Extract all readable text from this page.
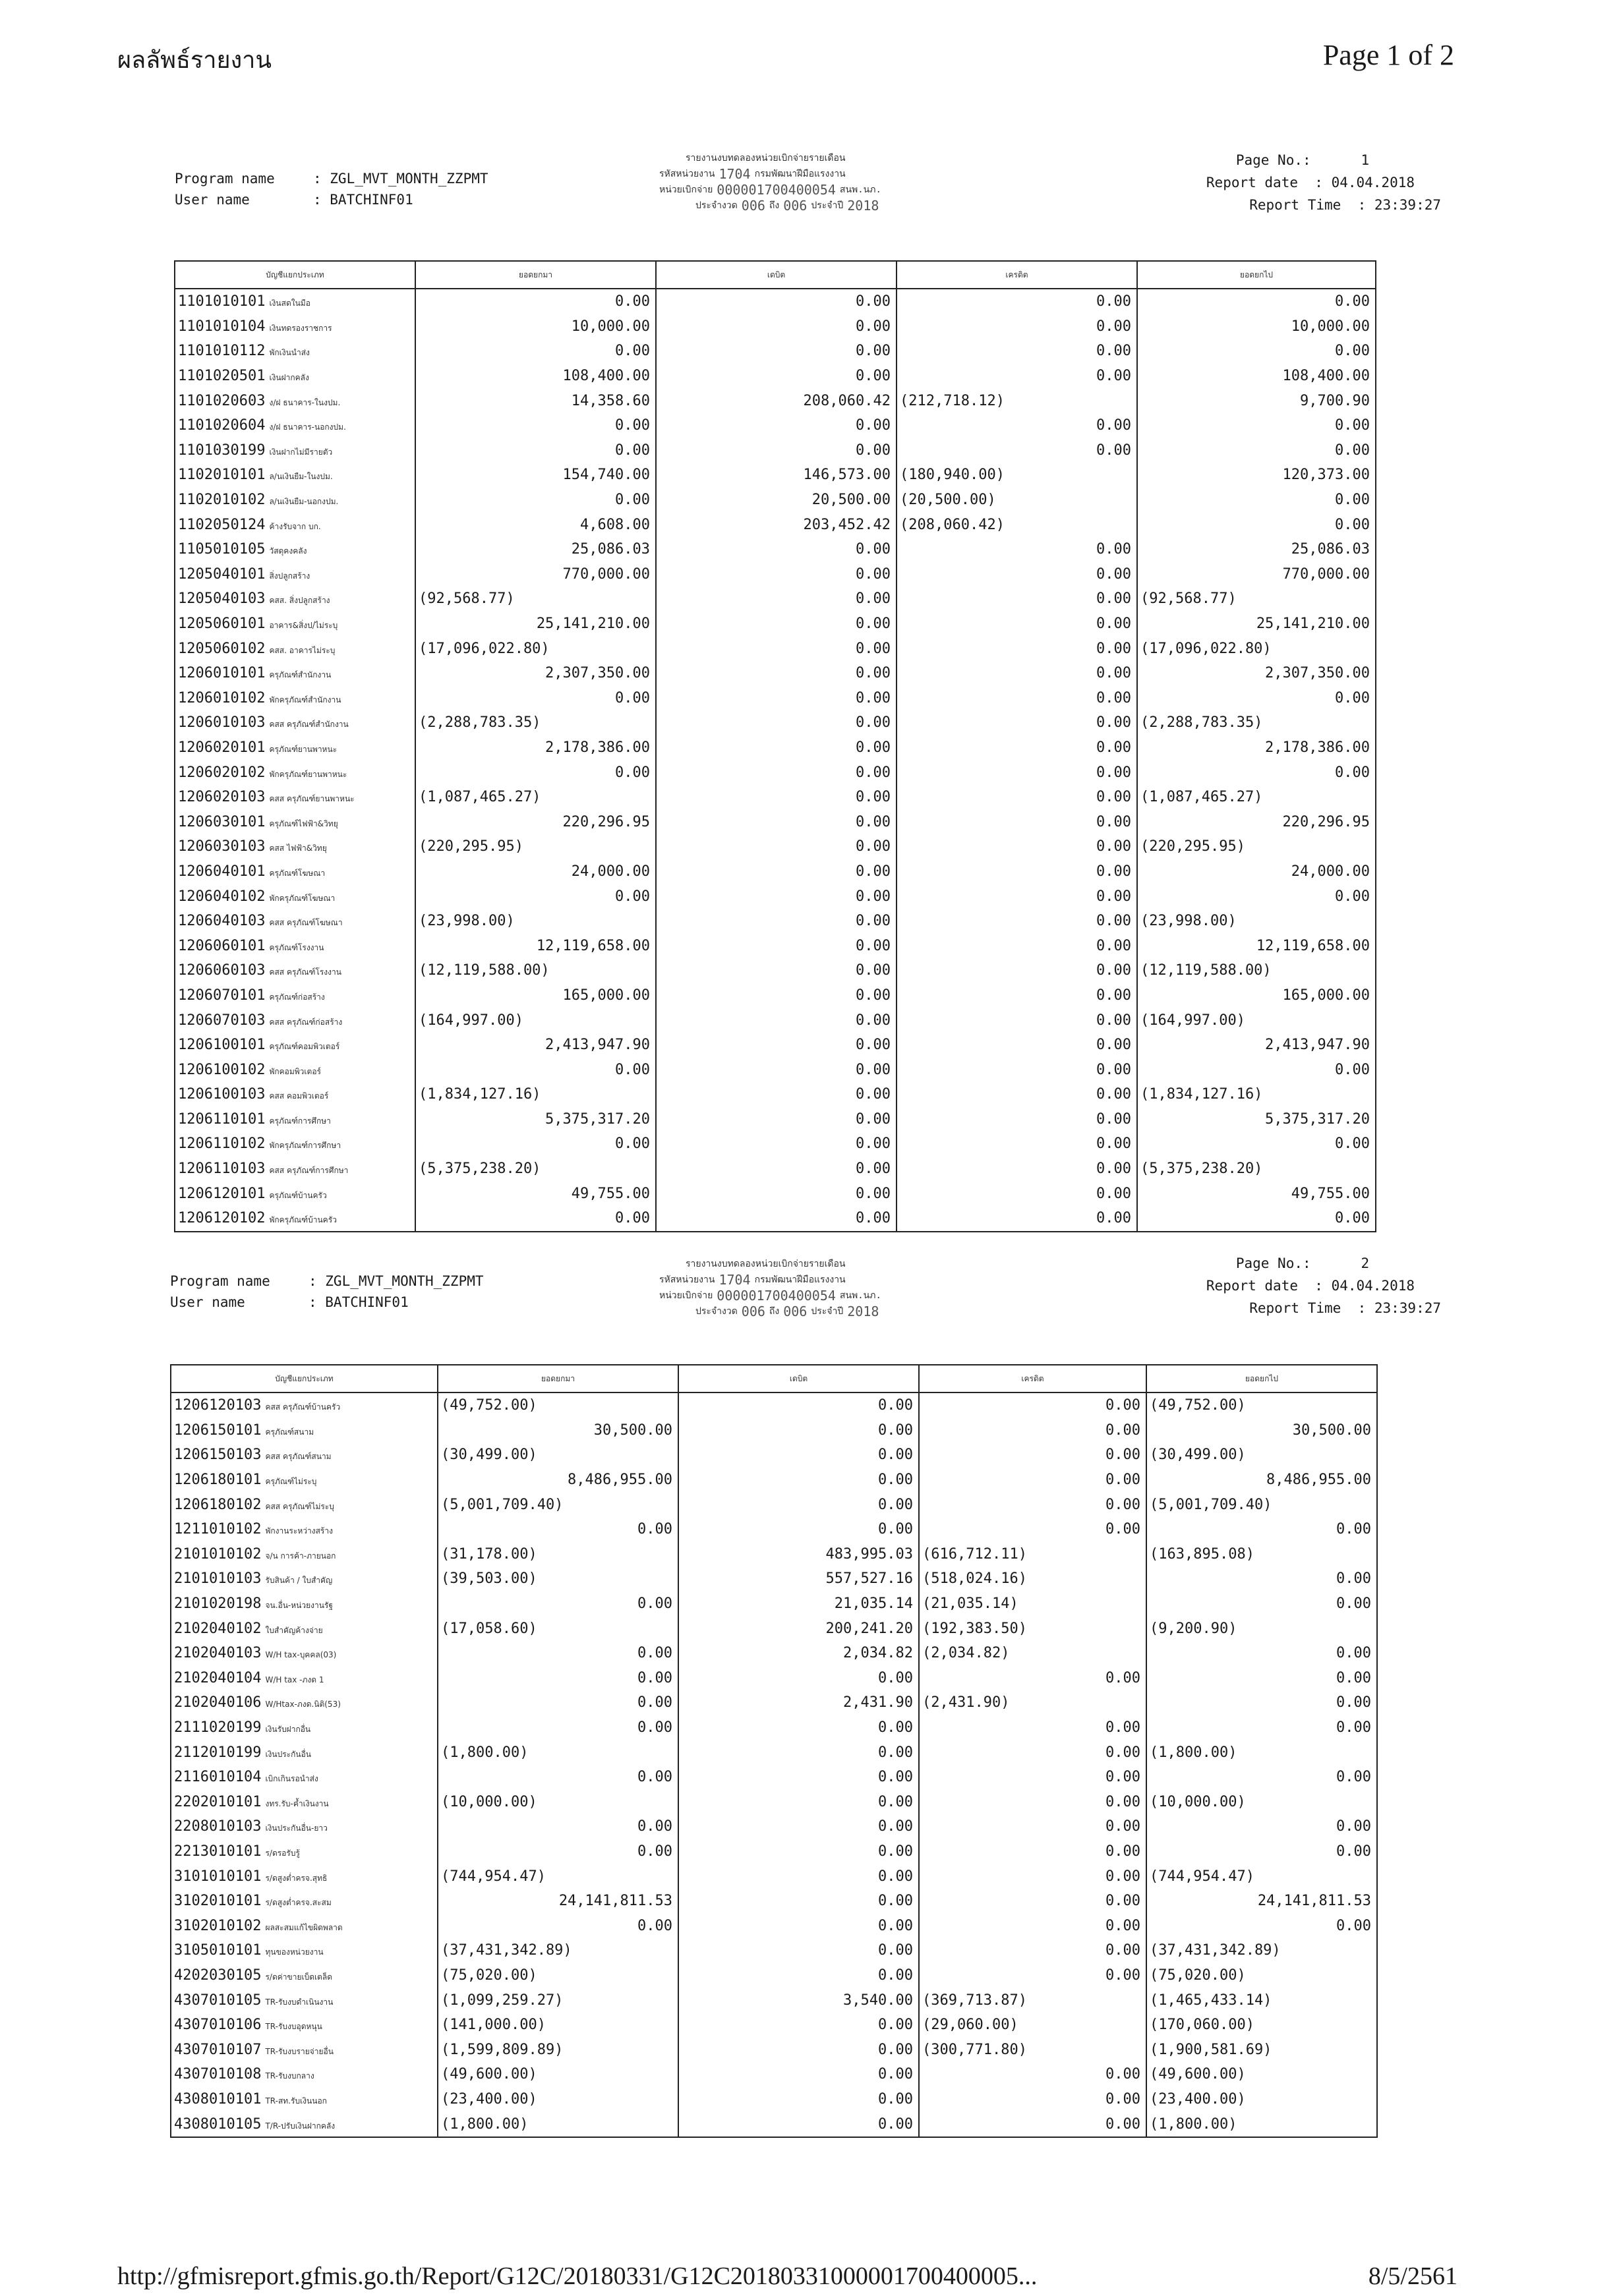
ผลลัพธ์รายงาน	Page 1 of 2
Program name	: ZGL_MVT_MONTH_ZZPMT
User name	: BATCHINF01
รายงานงบทดลองหน่วยเบิกจ่ายรายเดือน
รหัสหน่วยงาน 1704 กรมพัฒนาฝีมือแรงงาน
หน่วยเบิกจ่าย 000001700400054 สนพ.นภ.
ประจำงวด 006 ถึง 006 ประจำปี 2018
Page No. :      1
Report date
: 04.04.2018
Report Time
: 23:39:27
บัญชีแยกประเภท	ยอดยกมา	เดบิต	เครดิต	ยอดยกไป
1101010101 เงินสดในมือ	0.00	0.00	0.00	0.00
1101010104 เงินทดรองราชการ	10,000.00	0.00	0.00	10,000.00
1101010112 พักเงินนำส่ง	0.00	0.00	0.00	0.00
1101020501 เงินฝากคลัง	108,400.00	0.00	0.00	108,400.00
1101020603 ง/ฝ ธนาคาร-ในงปม.	14,358.60	208,060.42	(212,718.12)	9,700.90
1101020604 ง/ฝ ธนาคาร-นอกงปม.	0.00	0.00	0.00	0.00
1101030199 เงินฝากไม่มีรายตัว	0.00	0.00	0.00	0.00
1102010101 ล/นเงินยืม-ในงปม.	154,740.00	146,573.00	(180,940.00)	120,373.00
1102010102 ล/นเงินยืม-นอกงปม.	0.00	20,500.00	(20,500.00)	0.00
1102050124 ค้างรับจาก บก.	4,608.00	203,452.42	(208,060.42)	0.00
1105010105 วัสดุคงคลัง	25,086.03	0.00	0.00	25,086.03
1205040101 สิ่งปลูกสร้าง	770,000.00	0.00	0.00	770,000.00
1205040103 คสส. สิ่งปลูกสร้าง	(92,568.77)	0.00	0.00	(92,568.77)
1205060101 อาคาร&สิ่งป/ไม่ระบุ	25,141,210.00	0.00	0.00	25,141,210.00
1205060102 คสส. อาคารไม่ระบุ	(17,096,022.80)	0.00	0.00	(17,096,022.80)
1206010101 ครุภัณฑ์สำนักงาน	2,307,350.00	0.00	0.00	2,307,350.00
1206010102 พักครุภัณฑ์สำนักงาน	0.00	0.00	0.00	0.00
1206010103 คสส ครุภัณฑ์สำนักงาน	(2,288,783.35)	0.00	0.00	(2,288,783.35)
1206020101 ครุภัณฑ์ยานพาหนะ	2,178,386.00	0.00	0.00	2,178,386.00
1206020102 พักครุภัณฑ์ยานพาหนะ	0.00	0.00	0.00	0.00
1206020103 คสส ครุภัณฑ์ยานพาหนะ	(1,087,465.27)	0.00	0.00	(1,087,465.27)
1206030101 ครุภัณฑ์ไฟฟ้า&วิทยุ	220,296.95	0.00	0.00	220,296.95
1206030103 คสส ไฟฟ้า&วิทยุ	(220,295.95)	0.00	0.00	(220,295.95)
1206040101 ครุภัณฑ์โฆษณา	24,000.00	0.00	0.00	24,000.00
1206040102 พักครุภัณฑ์โฆษณา	0.00	0.00	0.00	0.00
1206040103 คสส ครุภัณฑ์โฆษณา	(23,998.00)	0.00	0.00	(23,998.00)
1206060101 ครุภัณฑ์โรงงาน	12,119,658.00	0.00	0.00	12,119,658.00
1206060103 คสส ครุภัณฑ์โรงงาน	(12,119,588.00)	0.00	0.00	(12,119,588.00)
1206070101 ครุภัณฑ์ก่อสร้าง	165,000.00	0.00	0.00	165,000.00
1206070103 คสส ครุภัณฑ์ก่อสร้าง	(164,997.00)	0.00	0.00	(164,997.00)
1206100101 ครุภัณฑ์คอมพิวเตอร์	2,413,947.90	0.00	0.00	2,413,947.90
1206100102 พักคอมพิวเตอร์	0.00	0.00	0.00	0.00
1206100103 คสส คอมพิวเตอร์	(1,834,127.16)	0.00	0.00	(1,834,127.16)
1206110101 ครุภัณฑ์การศึกษา	5,375,317.20	0.00	0.00	5,375,317.20
1206110102 พักครุภัณฑ์การศึกษา	0.00	0.00	0.00	0.00
1206110103 คสส ครุภัณฑ์การศึกษา	(5,375,238.20)	0.00	0.00	(5,375,238.20)
1206120101 ครุภัณฑ์บ้านครัว	49,755.00	0.00	0.00	49,755.00
1206120102 พักครุภัณฑ์บ้านครัว	0.00	0.00	0.00	0.00
Program name	: ZGL_MVT_MONTH_ZZPMT
User name	: BATCHINF01
รายงานงบทดลองหน่วยเบิกจ่ายรายเดือน
รหัสหน่วยงาน 1704 กรมพัฒนาฝีมือแรงงาน
หน่วยเบิกจ่าย 000001700400054 สนพ.นภ.
ประจำงวด 006 ถึง 006 ประจำปี 2018
Page No. :      2
Report date
: 04.04.2018
Report Time
: 23:39:27
บัญชีแยกประเภท	ยอดยกมา	เดบิต	เครดิต	ยอดยกไป
1206120103 คสส ครุภัณฑ์บ้านครัว	(49,752.00)	0.00	0.00	(49,752.00)
1206150101 ครุภัณฑ์สนาม	30,500.00	0.00	0.00	30,500.00
1206150103 คสส ครุภัณฑ์สนาม	(30,499.00)	0.00	0.00	(30,499.00)
1206180101 ครุภัณฑ์ไม่ระบุ	8,486,955.00	0.00	0.00	8,486,955.00
1206180102 คสส ครุภัณฑ์ไม่ระบุ	(5,001,709.40)	0.00	0.00	(5,001,709.40)
1211010102 พักงานระหว่างสร้าง	0.00	0.00	0.00	0.00
2101010102 จ/น การค้า-ภายนอก	(31,178.00)	483,995.03	(616,712.11)	(163,895.08)
2101010103 รับสินค้า / ใบสำคัญ	(39,503.00)	557,527.16	(518,024.16)	0.00
2101020198 จน.อื่น-หน่วยงานรัฐ	0.00	21,035.14	(21,035.14)	0.00
2102040102 ใบสำคัญค้างจ่าย	(17,058.60)	200,241.20	(192,383.50)	(9,200.90)
2102040103 W/H tax-บุคคล(03)	0.00	2,034.82	(2,034.82)	0.00
2102040104 W/H tax -ภงด 1	0.00	0.00	0.00	0.00
2102040106 W/Htax-ภงด.นิติ(53)	0.00	2,431.90	(2,431.90)	0.00
2111020199 เงินรับฝากอื่น	0.00	0.00	0.00	0.00
2112010199 เงินประกันอื่น	(1,800.00)	0.00	0.00	(1,800.00)
2116010104 เบิกเกินรอนำส่ง	0.00	0.00	0.00	0.00
2202010101 งทร.รับ-ค้ำเงินงาน	(10,000.00)	0.00	0.00	(10,000.00)
2208010103 เงินประกันอื่น-ยาว	0.00	0.00	0.00	0.00
2213010101 ร/ดรอรับรู้	0.00	0.00	0.00	0.00
3101010101 ร/ดสูงต่ำครจ.สุทธิ	(744,954.47)	0.00	0.00	(744,954.47)
3102010101 ร/ดสูงต่ำครจ.สะสม	24,141,811.53	0.00	0.00	24,141,811.53
3102010102 ผลสะสมแก้ไขผิดพลาด	0.00	0.00	0.00	0.00
3105010101 ทุนของหน่วยงาน	(37,431,342.89)	0.00	0.00	(37,431,342.89)
4202030105 ร/ดค่าขายเบ็ดเตล็ด	(75,020.00)	0.00	0.00	(75,020.00)
4307010105 TR-รับงบดำเนินงาน	(1,099,259.27)	3,540.00	(369,713.87)	(1,465,433.14)
4307010106 TR-รับงบอุดหนุน	(141,000.00)	0.00	(29,060.00)	(170,060.00)
4307010107 TR-รับงบรายจ่ายอื่น	(1,599,809.89)	0.00	(300,771.80)	(1,900,581.69)
4307010108 TR-รับงบกลาง	(49,600.00)	0.00	0.00	(49,600.00)
4308010101 TR-สท.รับเงินนอก	(23,400.00)	0.00	0.00	(23,400.00)
4308010105 T/R-ปรับเงินฝากคลัง	(1,800.00)	0.00	0.00	(1,800.00)
http://gfmisreport.gfmis.go.th/Report/G12C/20180331/G12C20180331000001700400005...	8/5/2561
